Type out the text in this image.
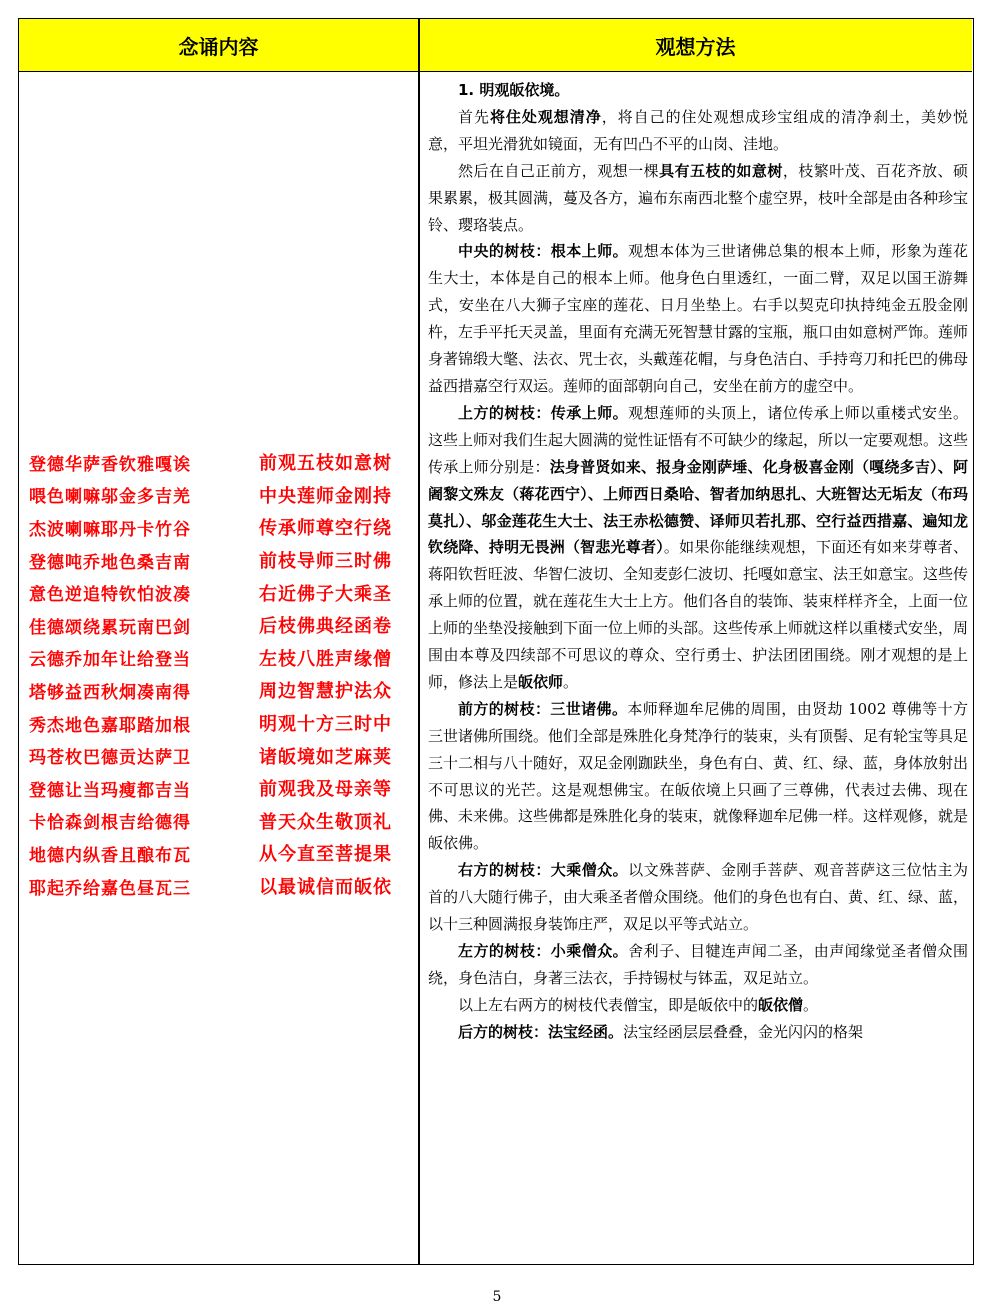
念诵内容	观想方法
登德华萨香钦雅嘎诶	前观五枝如意树
喂色喇嘛邬金多吉羌	中央莲师金刚持
杰波喇嘛耶丹卡竹谷	传承师尊空行绕
登德吨乔地色桑吉南	前枝导师三时佛
意色逆追特钦怕波凑	右近佛子大乘圣
佳德颂绕累玩南巴剑	后枝佛典经函卷
云德乔加年让给登当	左枝八胜声缘僧
塔够益西秋炯凑南得	周边智慧护法众
秀杰地色嘉耶踏加根	明观十方三时中
玛苍枚巴德贡达萨卫	诸皈境如芝麻荚
登德让当玛瘦都吉当	前观我及母亲等
卡恰森剑根吉给德得	普天众生敬顶礼
地德内纵香且酿布瓦	从今直至菩提果
耶起乔给嘉色昼瓦三	以最诚信而皈依

1. 明观皈依境。

首先将住处观想清净，将自己的住处观想成珍宝组成的清净刹土，美妙悦意，平坦光滑犹如镜面，无有凹凸不平的山岗、洼地。

然后在自己正前方，观想一棵具有五枝的如意树，枝繁叶茂、百花齐放、硕果累累，极其圆满，蔓及各方，遍布东南西北整个虚空界，枝叶全部是由各种珍宝铃、璎珞装点。

中央的树枝：根本上师。观想本体为三世诸佛总集的根本上师，形象为莲花生大士，本体是自己的根本上师。他身色白里透红，一面二臂，双足以国王游舞式，安坐在八大狮子宝座的莲花、日月坐垫上。右手以契克印执持纯金五股金刚杵，左手平托天灵盖，里面有充满无死智慧甘露的宝瓶，瓶口由如意树严饰。莲师身著锦缎大氅、法衣、咒士衣，头戴莲花帽，与身色洁白、手持弯刀和托巴的佛母益西措嘉空行双运。莲师的面部朝向自己，安坐在前方的虚空中。

上方的树枝：传承上师。观想莲师的头顶上，诸位传承上师以重楼式安坐。这些上师对我们生起大圆满的觉性证悟有不可缺少的缘起，所以一定要观想。这些传承上师分别是：法身普贤如来、报身金刚萨埵、化身极喜金刚（嘎绕多吉）、阿阇黎文殊友（蒋花西宁）、上师西日桑哈、智者加纳思扎、大班智达无垢友（布玛莫扎）、邬金莲花生大士、法王赤松德赞、译师贝若扎那、空行益西措嘉、遍知龙钦绕降、持明无畏洲（智悲光尊者）。如果你能继续观想，下面还有如来芽尊者、蒋阳钦哲旺波、华智仁波切、全知麦彭仁波切、托嘎如意宝、法王如意宝。这些传承上师的位置，就在莲花生大士上方。他们各自的装饰、装束样样齐全，上面一位上师的坐垫没接触到下面一位上师的头部。这些传承上师就这样以重楼式安坐，周围由本尊及四续部不可思议的尊众、空行勇士、护法团团围绕。刚才观想的是上师，修法上是皈依师。

前方的树枝：三世诸佛。本师释迦牟尼佛的周围，由贤劫 1002 尊佛等十方三世诸佛所围绕。他们全部是殊胜化身梵净行的装束，头有顶髻、足有轮宝等具足三十二相与八十随好，双足金刚跏趺坐，身色有白、黄、红、绿、蓝，身体放射出不可思议的光芒。这是观想佛宝。在皈依境上只画了三尊佛，代表过去佛、现在佛、未来佛。这些佛都是殊胜化身的装束，就像释迦牟尼佛一样。这样观修，就是皈依佛。

右方的树枝：大乘僧众。以文殊菩萨、金刚手菩萨、观音菩萨这三位怙主为首的八大随行佛子，由大乘圣者僧众围绕。他们的身色也有白、黄、红、绿、蓝，以十三种圆满报身装饰庄严，双足以平等式站立。

左方的树枝：小乘僧众。舍利子、目犍连声闻二圣，由声闻缘觉圣者僧众围绕，身色洁白，身著三法衣，手持锡杖与钵盂，双足站立。

以上左右两方的树枝代表僧宝，即是皈依中的皈依僧。

后方的树枝：法宝经函。法宝经函层层叠叠，金光闪闪的格架

5
